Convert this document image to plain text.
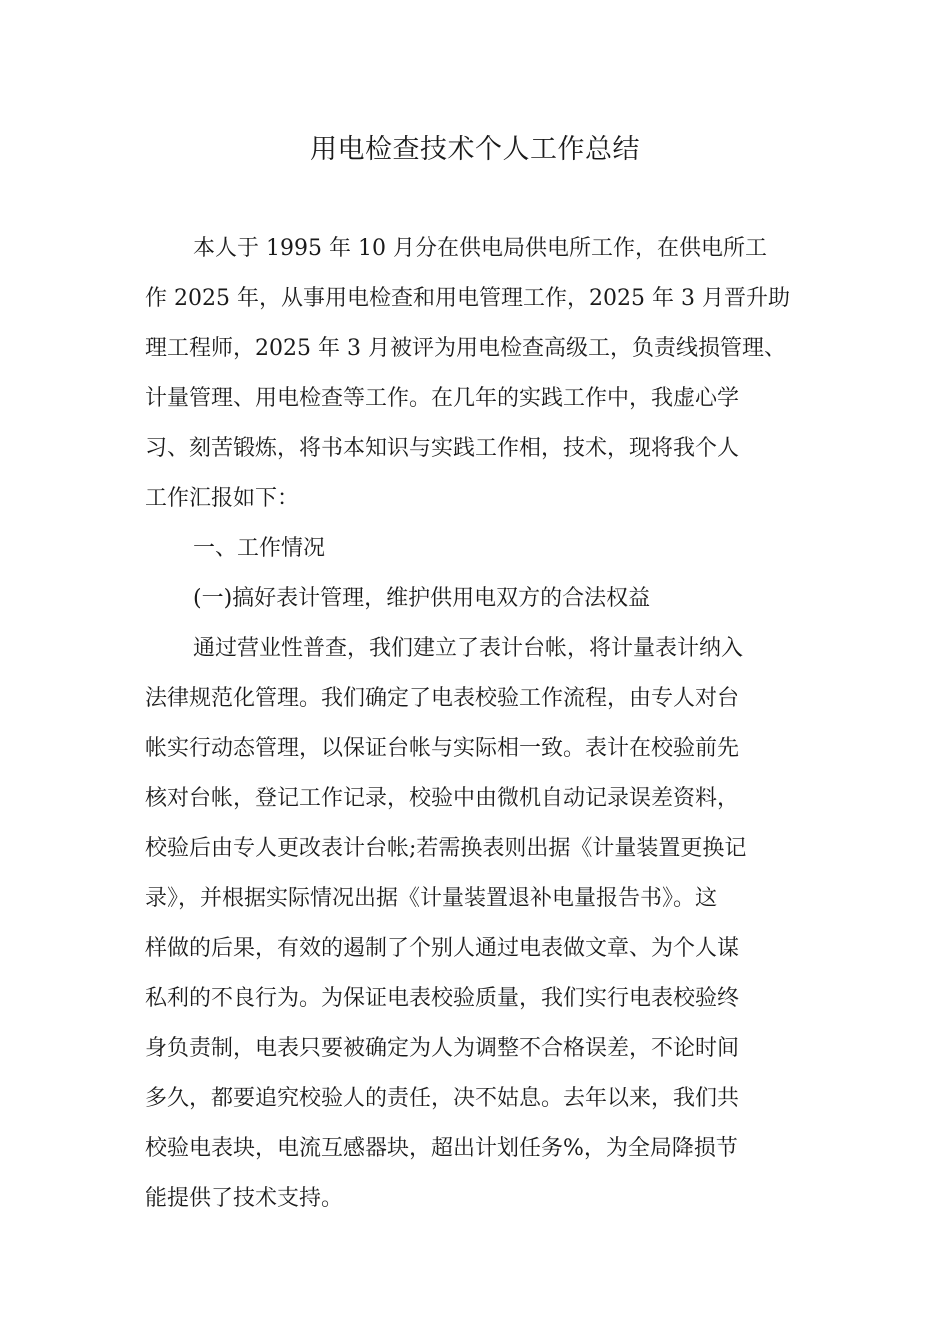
用电检查技术个人工作总结
本人于 1995 年 10 月分在供电局供电所工作，在供电所工
作 2025 年，从事用电检查和用电管理工作，2025 年 3 月晋升助
理工程师，2025 年 3 月被评为用电检查高级工，负责线损管理、
计量管理、用电检查等工作。在几年的实践工作中，我虚心学
习、刻苦锻炼，将书本知识与实践工作相，技术，现将我个人
工作汇报如下：
一、工作情况
(一)搞好表计管理，维护供用电双方的合法权益
通过营业性普查，我们建立了表计台帐，将计量表计纳入
法律规范化管理。我们确定了电表校验工作流程，由专人对台
帐实行动态管理，以保证台帐与实际相一致。表计在校验前先
核对台帐，登记工作记录，校验中由微机自动记录误差资料，
校验后由专人更改表计台帐;若需换表则出据《计量装置更换记
录》，并根据实际情况出据《计量装置退补电量报告书》。这
样做的后果，有效的遏制了个别人通过电表做文章、为个人谋
私利的不良行为。为保证电表校验质量，我们实行电表校验终
身负责制，电表只要被确定为人为调整不合格误差，不论时间
多久，都要追究校验人的责任，决不姑息。去年以来，我们共
校验电表块，电流互感器块，超出计划任务%，为全局降损节
能提供了技术支持。
